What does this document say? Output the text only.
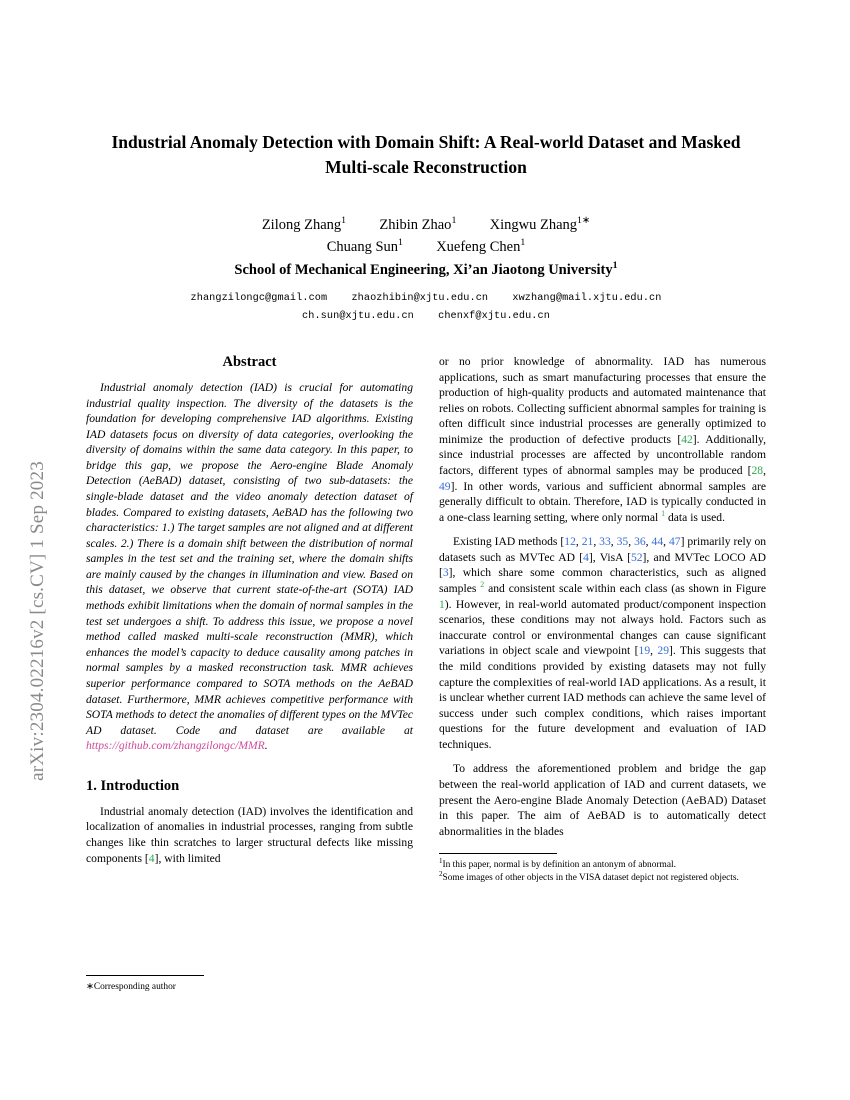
arXiv:2304.02216v2 [cs.CV] 1 Sep 2023
Industrial Anomaly Detection with Domain Shift: A Real-world Dataset and Masked Multi-scale Reconstruction
Zilong Zhang$^1$ Zhibin Zhao$^1$ Xingwu Zhang$^{1∗}$
Chuang Sun$^1$ Xuefeng Chen$^1$
School of Mechanical Engineering, Xi’an Jiaotong University$^1$
zhangzilongc@gmail.com zhaozhibin@xjtu.edu.cn xwzhang@mail.xjtu.edu.cn
ch.sun@xjtu.edu.cn chenxf@xjtu.edu.cn
Abstract

Industrial anomaly detection (IAD) is crucial for automating industrial quality inspection. The diversity of the datasets is the foundation for developing comprehensive IAD algorithms. Existing IAD datasets focus on diversity of data categories, overlooking the diversity of domains within the same data category. In this paper, to bridge this gap, we propose the Aero-engine Blade Anomaly Detection (AeBAD) dataset, consisting of two sub-datasets: the single-blade dataset and the video anomaly detection dataset of blades. Compared to existing datasets, AeBAD has the following two characteristics: 1.) The target samples are not aligned and at different scales. 2.) There is a domain shift between the distribution of normal samples in the test set and the training set, where the domain shifts are mainly caused by the changes in illumination and view. Based on this dataset, we observe that current state-of-the-art (SOTA) IAD methods exhibit limitations when the domain of normal samples in the test set undergoes a shift. To address this issue, we propose a novel method called masked multi-scale reconstruction (MMR), which enhances the model’s capacity to deduce causality among patches in normal samples by a masked reconstruction task. MMR achieves superior performance compared to SOTA methods on the AeBAD dataset. Furthermore, MMR achieves competitive performance with SOTA methods to detect the anomalies of different types on the MVTec AD dataset. Code and dataset are available at https://github.com/zhangzilongc/MMR.

1. Introduction

Industrial anomaly detection (IAD) involves the identification and localization of anomalies in industrial processes, ranging from subtle changes like thin scratches to larger structural defects like missing components [4], with limited

∗Corresponding author

or no prior knowledge of abnormality. IAD has numerous applications, such as smart manufacturing processes that ensure the production of high-quality products and automated maintenance that relies on robots. Collecting sufficient abnormal samples for training is often difficult since industrial processes are generally optimized to minimize the production of defective products [42]. Additionally, since industrial processes are affected by uncontrollable random factors, different types of abnormal samples may be produced [28, 49]. In other words, various and sufficient abnormal samples are generally difficult to obtain. Therefore, IAD is typically conducted in a one-class learning setting, where only normal $^1$ data is used.

Existing IAD methods [12, 21, 33, 35, 36, 44, 47] primarily rely on datasets such as MVTec AD [4], VisA [52], and MVTec LOCO AD [3], which share some common characteristics, such as aligned samples $^2$ and consistent scale within each class (as shown in Figure 1). However, in real-world automated product/component inspection scenarios, these conditions may not always hold. Factors such as inaccurate control or environmental changes can cause significant variations in object scale and viewpoint [19, 29]. This suggests that the mild conditions provided by existing datasets may not fully capture the complexities of real-world IAD applications. As a result, it is unclear whether current IAD methods can achieve the same level of success under such complex conditions, which raises important questions for the future development and evaluation of IAD techniques.

To address the aforementioned problem and bridge the gap between the real-world application of IAD and current datasets, we present the Aero-engine Blade Anomaly Detection (AeBAD) Dataset in this paper. The aim of AeBAD is to automatically detect abnormalities in the blades

$^1$In this paper, normal is by definition an antonym of abnormal.
$^2$Some images of other objects in the VISA dataset depict not registered objects.
